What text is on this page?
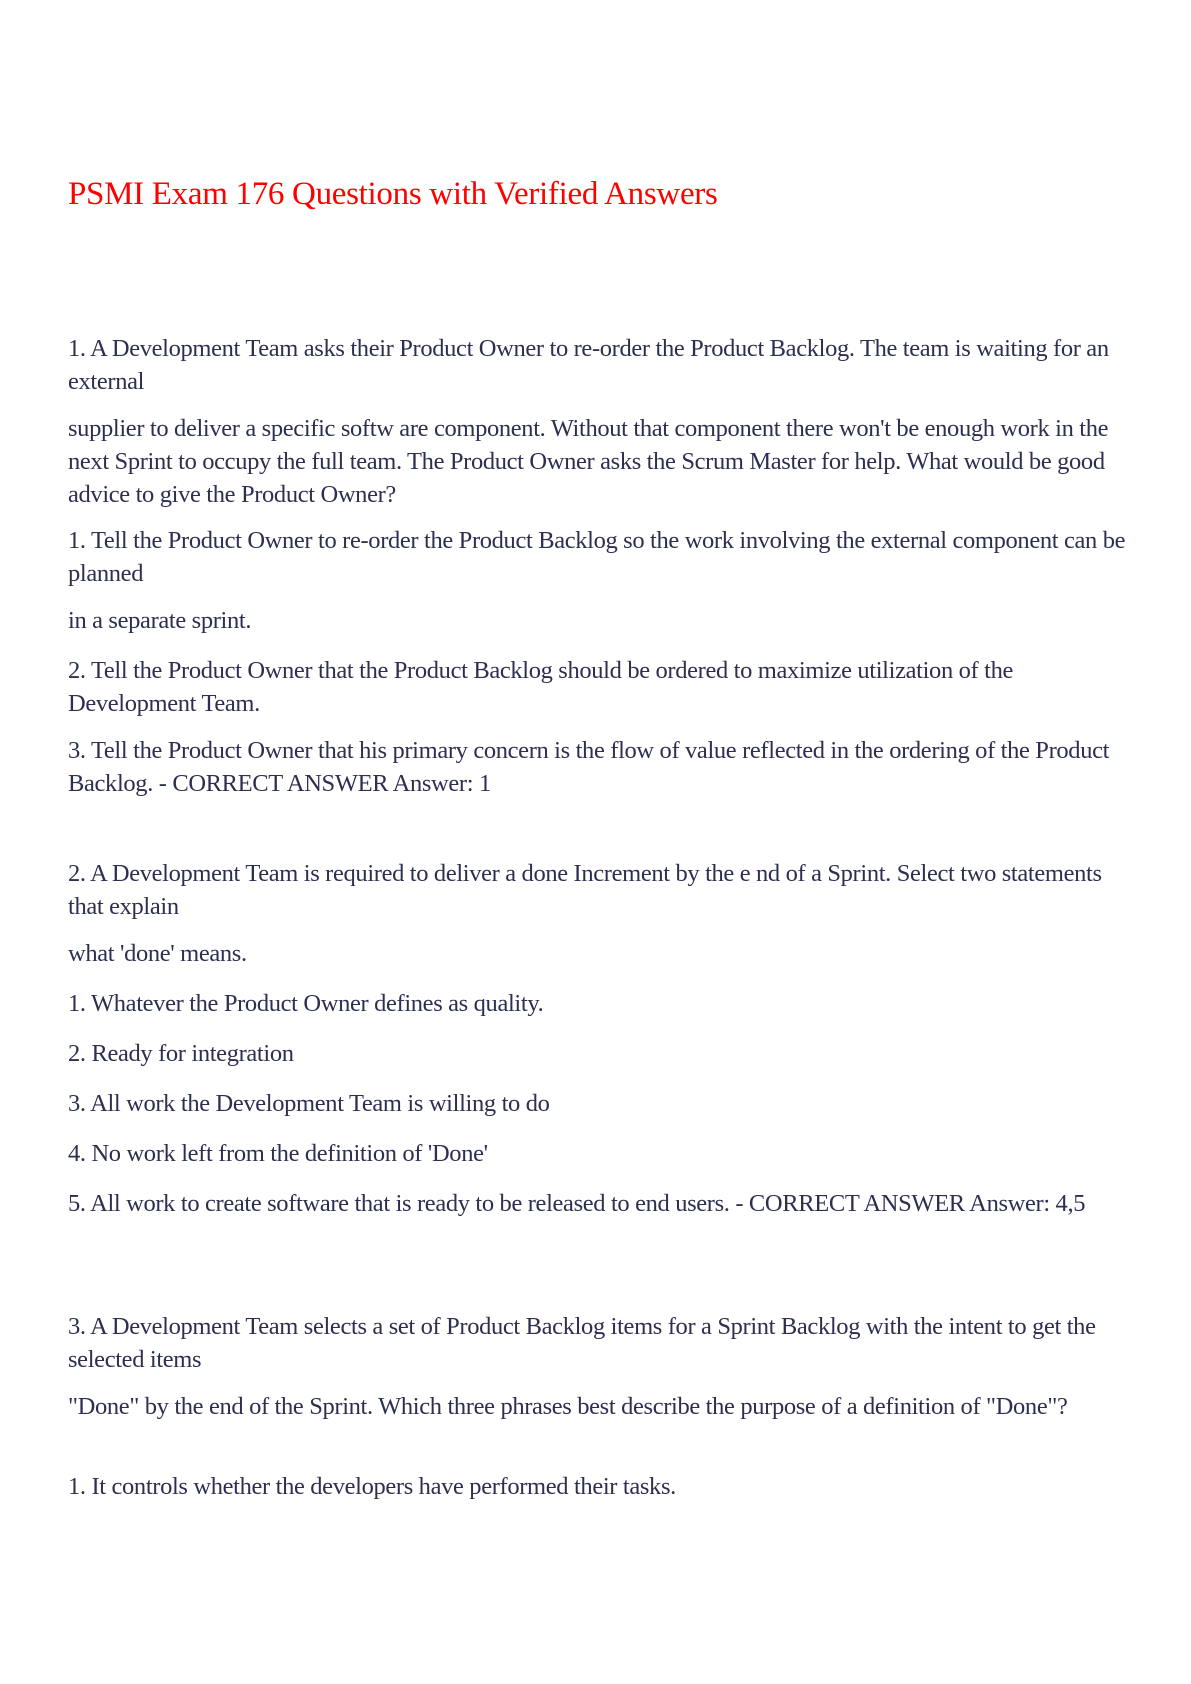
PSMI Exam 176 Questions with Verified Answers

1. A Development Team asks their Product Owner to re-order the Product Backlog. The team is waiting for an external

supplier to deliver a specific softw are component. Without that component there won't be enough work in the next Sprint to occupy the full team. The Product Owner asks the Scrum Master for help. What would be good advice to give the Product Owner?

1. Tell the Product Owner to re-order the Product Backlog so the work involving the external component can be planned

in a separate sprint.

2. Tell the Product Owner that the Product Backlog should be ordered to maximize utilization of the Development Team.

3. Tell the Product Owner that his primary concern is the flow of value reflected in the ordering of the Product Backlog. - CORRECT ANSWER Answer: 1

2. A Development Team is required to deliver a done Increment by the e nd of a Sprint. Select two statements that explain

what 'done' means.

1. Whatever the Product Owner defines as quality.

2. Ready for integration

3. All work the Development Team is willing to do

4. No work left from the definition of 'Done'

5. All work to create software that is ready to be released to end users. - CORRECT ANSWER Answer: 4,5

3. A Development Team selects a set of Product Backlog items for a Sprint Backlog with the intent to get the selected items

"Done" by the end of the Sprint. Which three phrases best describe the purpose of a definition of "Done"?

1. It controls whether the developers have performed their tasks.
